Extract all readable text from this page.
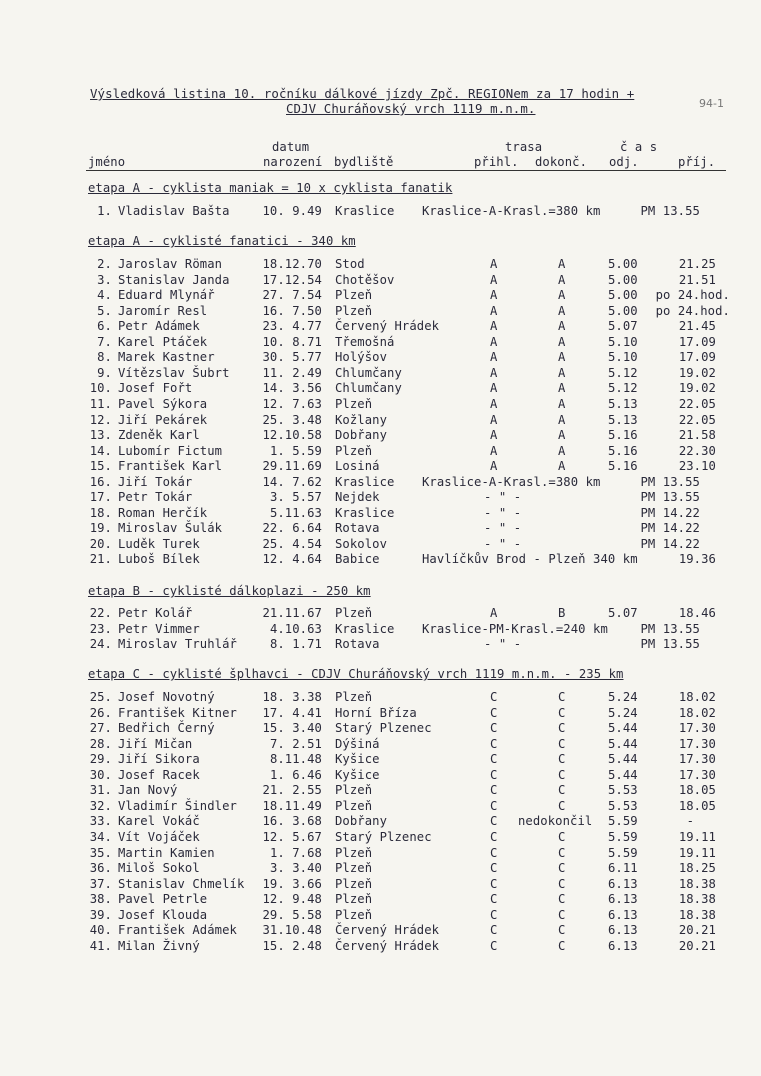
Výsledková listina 10. ročníku dálkové jízdy Zpč. REGIONem za 17 hodin +
CDJV Churáňovský vrch 1119 m.n.m.	94-1
datum	trasa	č a s
jméno	narození bydliště	přihl. dokonč. odj.	příj.
etapa A - cyklista maniak = 10 x cyklista fanatik
1. Vladislav Bašta	10. 9.49 Kraslice Kraslice-A-Krasl.=380 km	PM 13.55
etapa A - cyklisté fanatici - 340 km
2. Jaroslav Röman	18.12.70 Stod	A	A	5.00	21.25
3. Stanislav Janda	17.12.54 Chotěšov	A	A	5.00	21.51
4. Eduard Mlynář	27. 7.54 Plzeň	A	A	5.00 po 24.hod.
5. Jaromír Resl	16. 7.50 Plzeň	A	A	5.00 po 24.hod.
6. Petr Adámek	23. 4.77 Červený Hrádek	A	A	5.07	21.45
7. Karel Ptáček	10. 8.71 Třemošná	A	A	5.10	17.09
8. Marek Kastner	30. 5.77 Holýšov	A	A	5.10	17.09
9. Vítězslav Šubrt	11. 2.49 Chlumčany	A	A	5.12	19.02
10. Josef Fořt	14. 3.56 Chlumčany	A	A	5.12	19.02
11. Pavel Sýkora	12. 7.63 Plzeň	A	A	5.13	22.05
12. Jiří Pekárek	25. 3.48 Kožlany	A	A	5.13	22.05
13. Zdeněk Karl	12.10.58 Dobřany	A	A	5.16	21.58
14. Lubomír Fictum	1. 5.59 Plzeň	A	A	5.16	22.30
15. František Karl	29.11.69 Losiná	A	A	5.16	23.10
16. Jiří Tokár	14. 7.62 Kraslice Kraslice-A-Krasl.=380 km	PM 13.55
17. Petr Tokár	3. 5.57 Nejdek	- " -	PM 13.55
18. Roman Herčík	5.11.63 Kraslice	- " -	PM 14.22
19. Miroslav Šulák	22. 6.64 Rotava	- " -	PM 14.22
20. Luděk Turek	25. 4.54 Sokolov	- " -	PM 14.22
21. Luboš Bílek	12. 4.64 Babice	Havlíčkův Brod - Plzeň 340 km	19.36
etapa B - cyklisté dálkoplazi - 250 km
22. Petr Kolář	21.11.67 Plzeň	A	B	5.07	18.46
23. Petr Vimmer	4.10.63 Kraslice Kraslice-PM-Krasl.=240 km	PM 13.55
24. Miroslav Truhlář	8. 1.71 Rotava	- " -	PM 13.55
etapa C - cyklisté šplhavci - CDJV Churáňovský vrch 1119 m.n.m. - 235 km
25. Josef Novotný	18. 3.38 Plzeň	C	C	5.24	18.02
26. František Kitner 17. 4.41 Horní Bříza	C	C	5.24	18.02
27. Bedřich Černý	15. 3.40 Starý Plzenec	C	C	5.44	17.30
28. Jiří Mičan	7. 2.51 Dýšiná	C	C	5.44	17.30
29. Jiří Sikora	8.11.48 Kyšice	C	C	5.44	17.30
30. Josef Racek	1. 6.46 Kyšice	C	C	5.44	17.30
31. Jan Nový	21. 2.55 Plzeň	C	C	5.53	18.05
32. Vladimír Šindler 18.11.49 Plzeň	C	C	5.53	18.05
33. Karel Vokáč	16. 3.68 Dobřany	C nedokončil 5.59	-
34. Vít Vojáček	12. 5.67 Starý Plzenec	C	C	5.59	19.11
35. Martin Kamien	1. 7.68 Plzeň	C	C	5.59	19.11
36. Miloš Sokol	3. 3.40 Plzeň	C	C	6.11	18.25
37. Stanislav Chmelík 19. 3.66 Plzeň	C	C	6.13	18.38
38. Pavel Petrle	12. 9.48 Plzeň	C	C	6.13	18.38
39. Josef Klouda	29. 5.58 Plzeň	C	C	6.13	18.38
40. František Adámek 31.10.48 Červený Hrádek	C	C	6.13	20.21
41. Milan Živný	15. 2.48 Červený Hrádek	C	C	6.13	20.21
